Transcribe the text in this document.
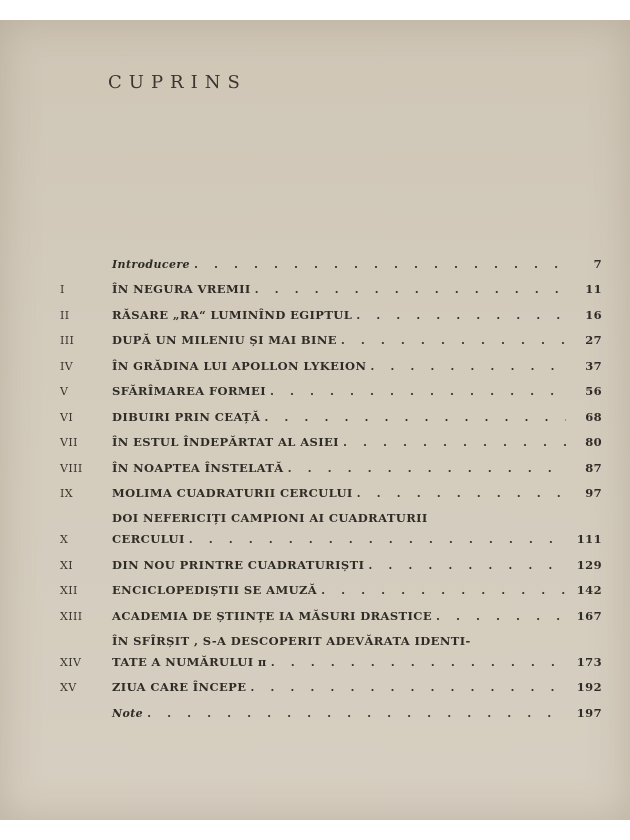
CUPRINS
Introducere . . .	7
I	ÎN NEGURA VREMII . . .	11
II	RĂSARE „RA“ LUMINÎND EGIPTUL . . .	16
III	DUPĂ UN MILENIU ȘI MAI BINE . . .	27
IV	ÎN GRĂDINA LUI APOLLON LYKEION . . .	37
V	SFĂRÎMAREA FORMEI . . .	56
VI	DIBUIRI PRIN CEAȚĂ . . .	68
VII	ÎN ESTUL ÎNDEPĂRTAT AL ASIEI . . .	80
VIII	ÎN NOAPTEA ÎNSTELATĂ . . .	87
IX	MOLIMA CUADRATURII CERCULUI . . .	97
X
DOI NEFERICIȚI CAMPIONI AI CUADRATURII
CERCULUI . . .	111
XI	DIN NOU PRINTRE CUADRATURIȘTI . . .	129
XII	ENCICLOPEDIȘTII SE AMUZĂ . . .	142
XIII	ACADEMIA DE ȘTIINȚE IA MĂSURI DRASTICE . . .	167
XIV
ÎN SFÎRȘIT , S-A DESCOPERIT ADEVĂRATA IDENTI-
TATE A NUMĂRULUI π . . .	173
XV	ZIUA CARE ÎNCEPE . . .	192
Note . . .	197
